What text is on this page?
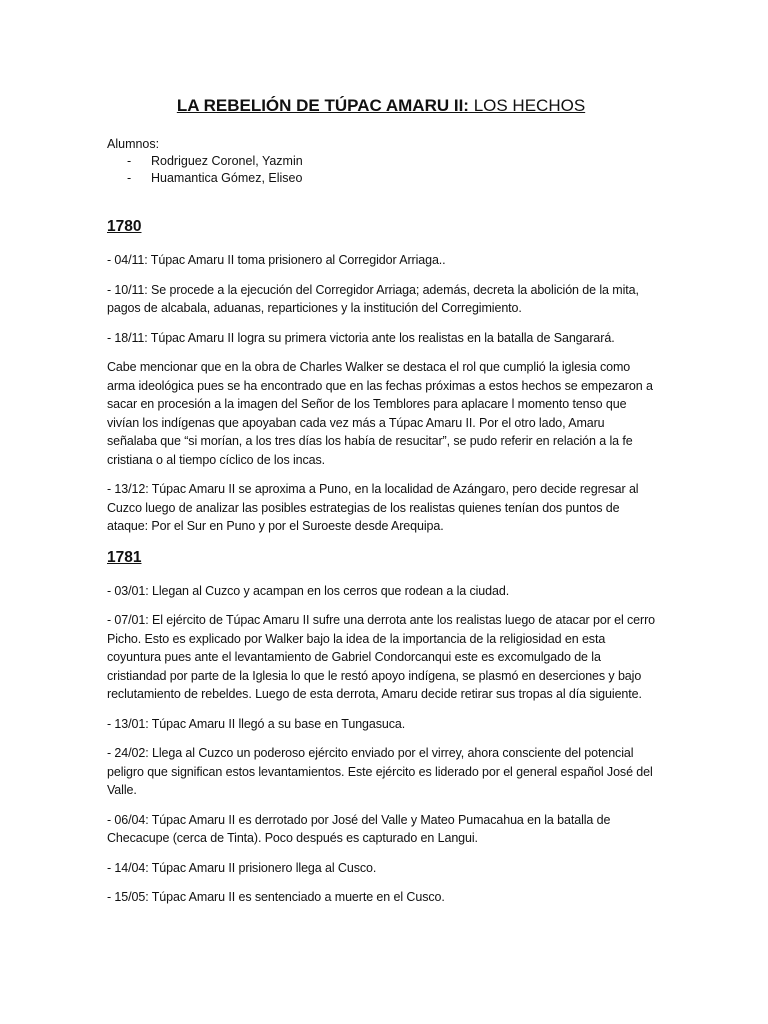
LA REBELIÓN DE TÚPAC AMARU II: LOS HECHOS

Alumnos:

- Rodriguez Coronel, Yazmin
- Huamantica Gómez, Eliseo
1780

- 04/11: Túpac Amaru II toma prisionero al Corregidor Arriaga..

- 10/11: Se procede a la ejecución del Corregidor Arriaga; además, decreta la abolición de la mita, pagos de alcabala, aduanas, reparticiones y la institución del Corregimiento.

- 18/11: Túpac Amaru II logra su primera victoria ante los realistas en la batalla de Sangarará.

Cabe mencionar que en la obra de Charles Walker se destaca el rol que cumplió la iglesia como arma ideológica pues se ha encontrado que en las fechas próximas a estos hechos se empezaron a sacar en procesión a la imagen del Señor de los Temblores para aplacare l momento tenso que vivían los indígenas que apoyaban cada vez más a Túpac Amaru II. Por el otro lado, Amaru señalaba que “si morían, a los tres días los había de resucitar”, se pudo referir en relación a la fe cristiana o al tiempo cíclico de los incas.

- 13/12: Túpac Amaru II se aproxima a Puno, en la localidad de Azángaro, pero decide regresar al Cuzco luego de analizar las posibles estrategias de los realistas quienes tenían dos puntos de ataque: Por el Sur en Puno y por el Suroeste desde Arequipa.

1781

- 03/01: Llegan al Cuzco y acampan en los cerros que rodean a la ciudad.

- 07/01: El ejército de Túpac Amaru II sufre una derrota ante los realistas luego de atacar por el cerro Picho. Esto es explicado por Walker bajo la idea de la importancia de la religiosidad en esta coyuntura pues ante el levantamiento de Gabriel Condorcanqui este es excomulgado de la cristiandad por parte de la Iglesia lo que le restó apoyo indígena, se plasmó en deserciones y bajo reclutamiento de rebeldes. Luego de esta derrota, Amaru decide retirar sus tropas al día siguiente.

- 13/01: Túpac Amaru II llegó a su base en Tungasuca.

- 24/02: Llega al Cuzco un poderoso ejército enviado por el virrey, ahora consciente del potencial peligro que significan estos levantamientos. Este ejército es liderado por el general español José del Valle.

- 06/04: Túpac Amaru II es derrotado por José del Valle y Mateo Pumacahua en la batalla de Checacupe (cerca de Tinta). Poco después es capturado en Langui.

- 14/04: Túpac Amaru II prisionero llega al Cusco.

- 15/05: Túpac Amaru II es sentenciado a muerte en el Cusco.
